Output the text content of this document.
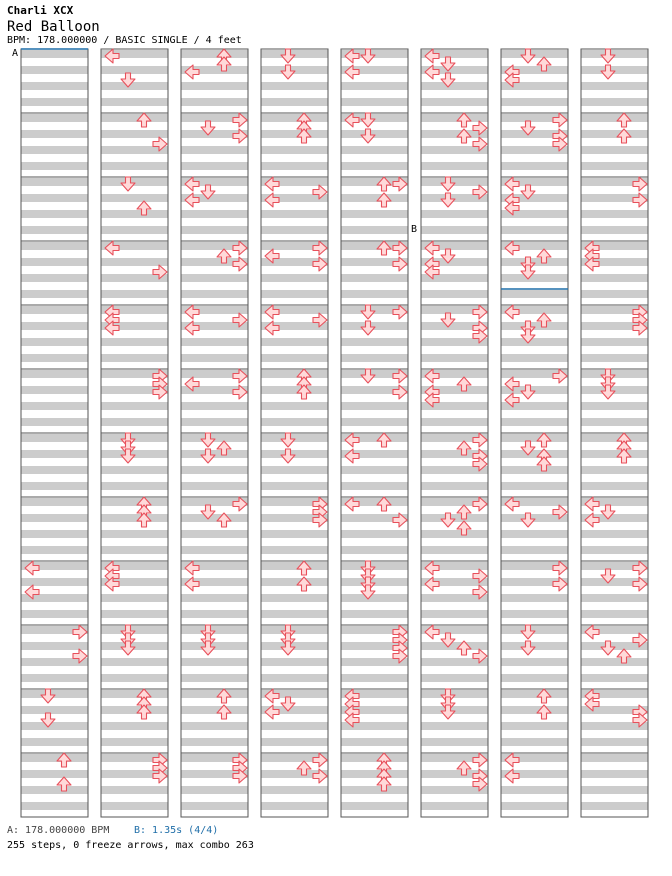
Charli XCX
Red Balloon
BPM: 178.000000 / BASIC SINGLE / 4 feet
A
B
A: 178.000000 BPM B: 1.35s (4/4)
255 steps, 0 freeze arrows, max combo 263
